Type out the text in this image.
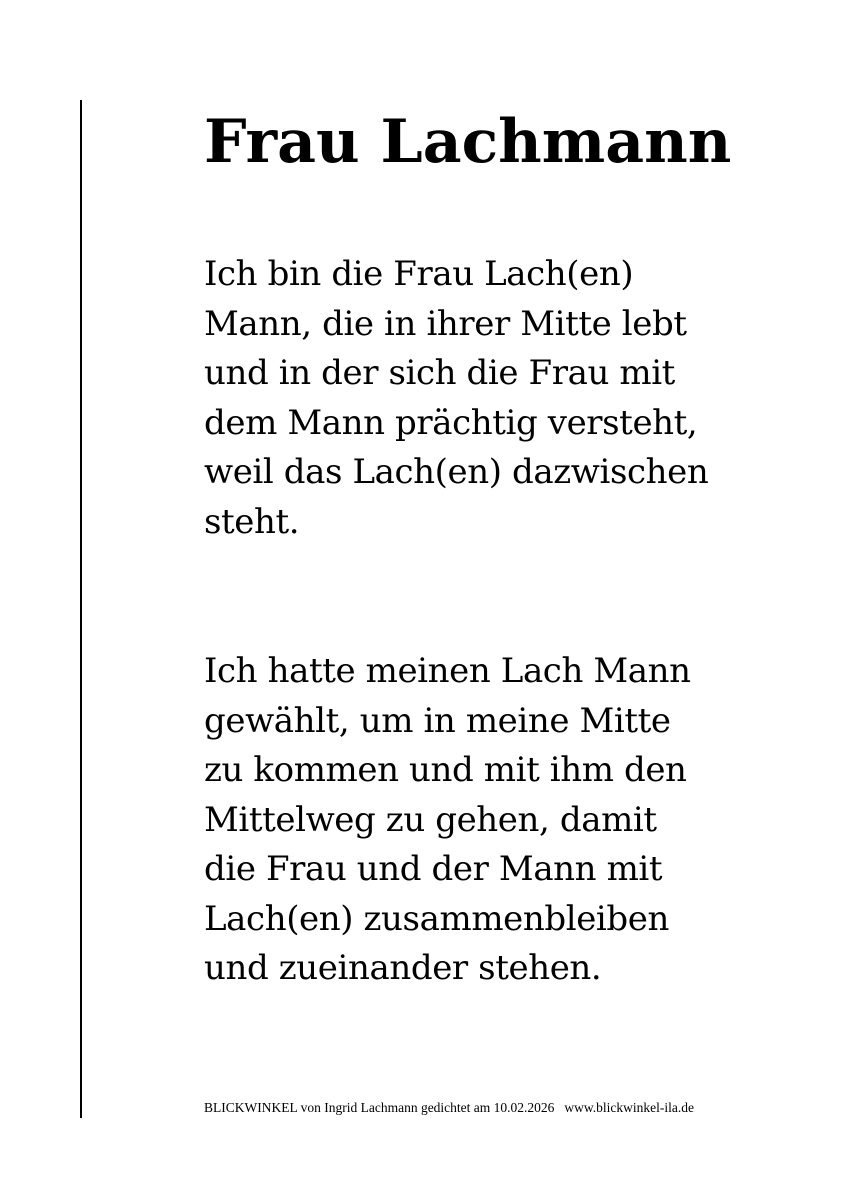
Frau Lachmann
Ich bin die Frau Lach(en)
Mann, die in ihrer Mitte lebt
und in der sich die Frau mit
dem Mann prächtig versteht,
weil das Lach(en) dazwischen
steht.
Ich hatte meinen Lach Mann
gewählt, um in meine Mitte
zu kommen und mit ihm den
Mittelweg zu gehen, damit
die Frau und der Mann mit
Lach(en) zusammenbleiben
und zueinander stehen.

BLICKWINKEL von Ingrid Lachmann gedichtet am 10.02.2026 www.blickwinkel-ila.de
